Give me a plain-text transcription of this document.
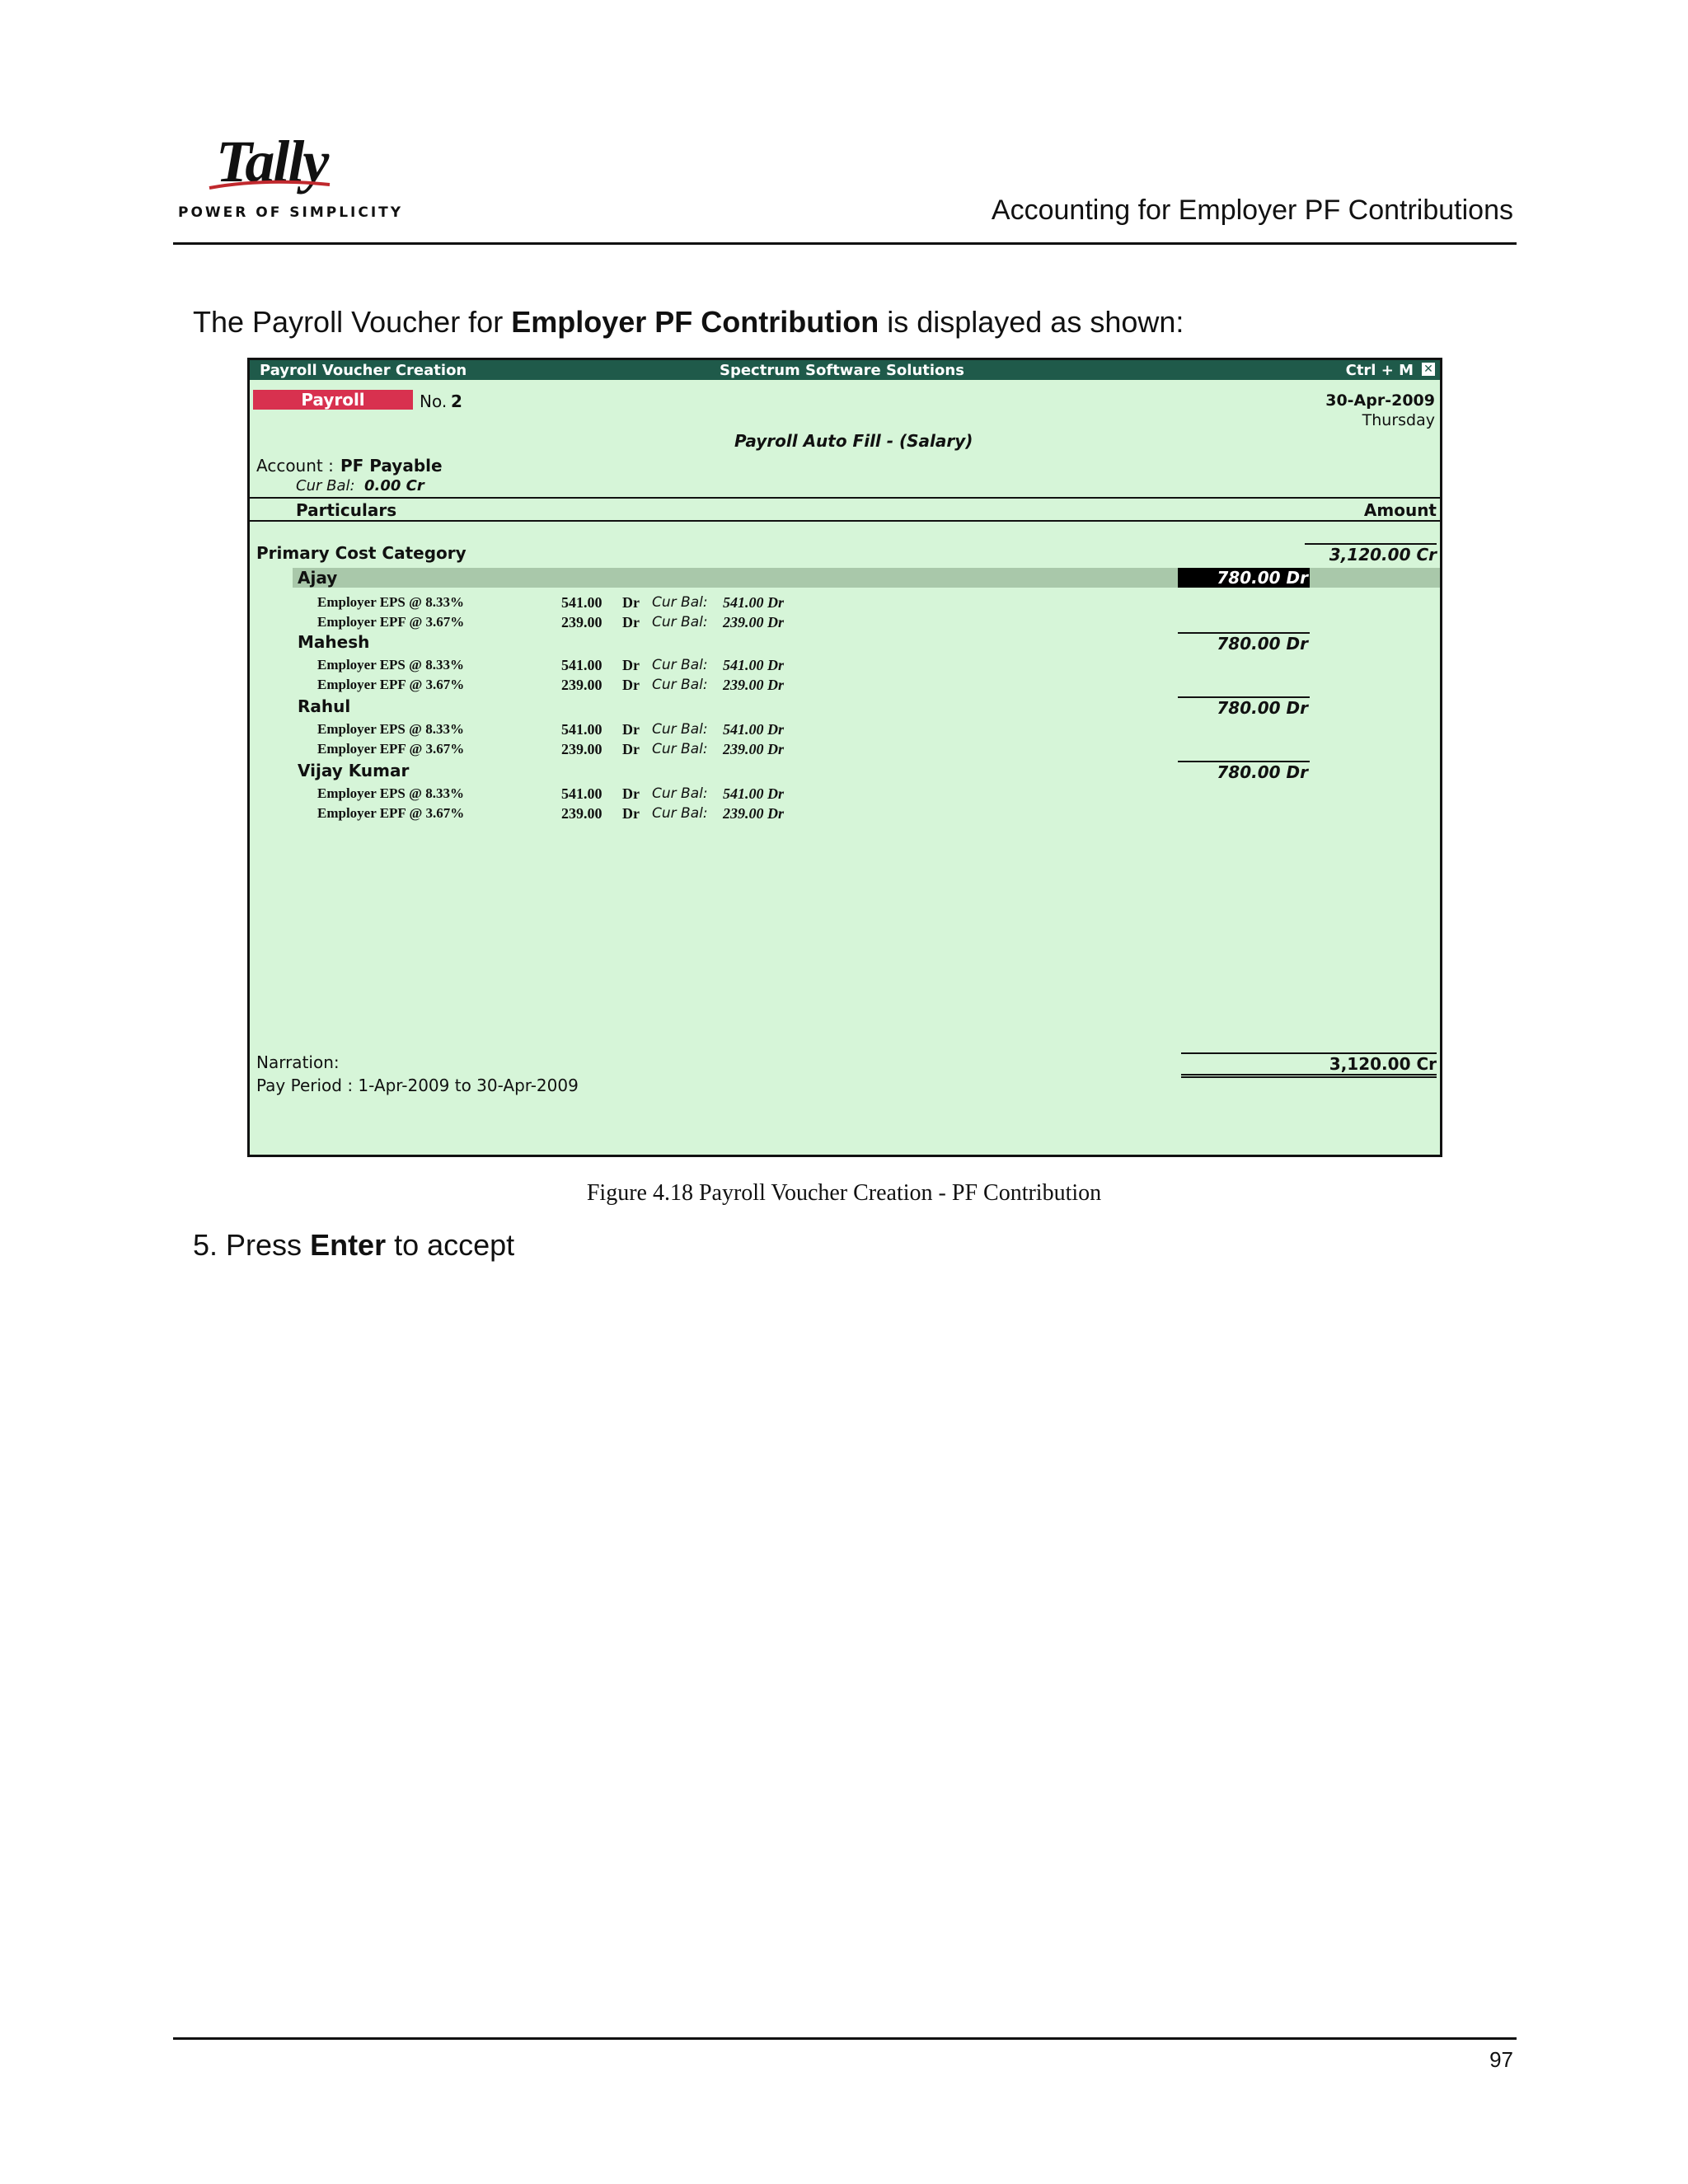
Tally
POWER OF SIMPLICITY	Accounting for Employer PF Contributions
The Payroll Voucher for Employer PF Contribution is displayed as shown:
Payroll Voucher Creation	Spectrum Software Solutions	Ctrl + M ✕
Payroll	No. 2	30-Apr-2009
Thursday
Payroll Auto Fill - (Salary)
Account : PF Payable
Cur Bal: 0.00 Cr
Particulars	Amount
Primary Cost Category	3,120.00 Cr
Ajay	780.00 Dr
Employer EPS @ 8.33%	541.00 Dr Cur Bal: 541.00 Dr
Employer EPF @ 3.67%	239.00 Dr Cur Bal: 239.00 Dr
Mahesh	780.00 Dr
Employer EPS @ 8.33%	541.00 Dr Cur Bal: 541.00 Dr
Employer EPF @ 3.67%	239.00 Dr Cur Bal: 239.00 Dr
Rahul	780.00 Dr
Employer EPS @ 8.33%	541.00 Dr Cur Bal: 541.00 Dr
Employer EPF @ 3.67%	239.00 Dr Cur Bal: 239.00 Dr
Vijay Kumar	780.00 Dr
Employer EPS @ 8.33%	541.00 Dr Cur Bal: 541.00 Dr
Employer EPF @ 3.67%	239.00 Dr Cur Bal: 239.00 Dr
Narration:
Pay Period : 1-Apr-2009 to 30-Apr-2009
3,120.00 Cr
Figure 4.18 Payroll Voucher Creation - PF Contribution
5. Press Enter to accept
97
